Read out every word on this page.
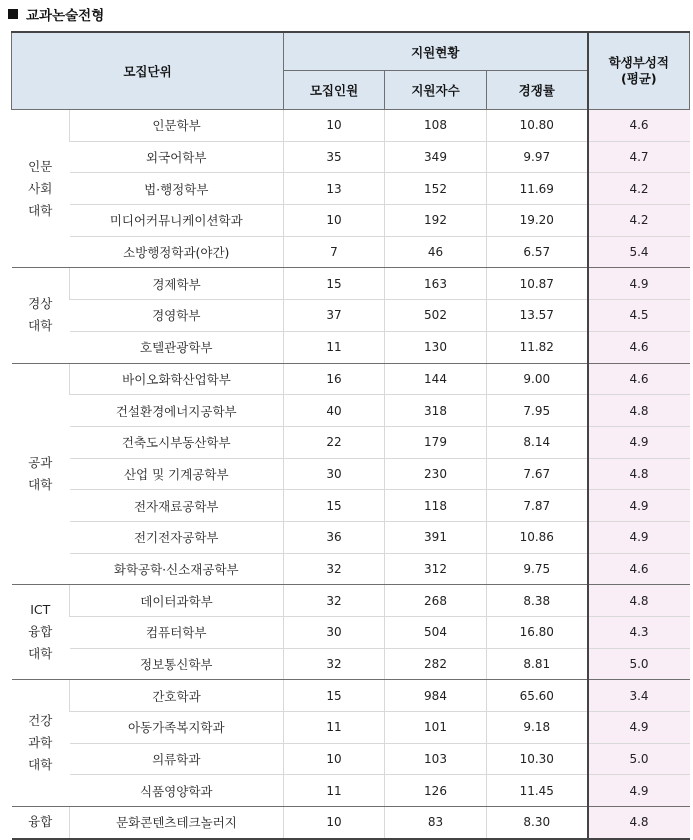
교과논술전형
모집단위		지원현황			학생부성적
(평균)
		모집인원	지원자수	경쟁률	
인문
사회
대학	인문학부	10	108	10.80	4.6
	외국어학부	35	349	9.97	4.7
	법·행정학부	13	152	11.69	4.2
	미디어커뮤니케이션학과	10	192	19.20	4.2
	소방행정학과(야간)	7	46	6.57	5.4
경상
대학	경제학부	15	163	10.87	4.9
	경영학부	37	502	13.57	4.5
	호텔관광학부	11	130	11.82	4.6
공과
대학	바이오화학산업학부	16	144	9.00	4.6
	건설환경에너지공학부	40	318	7.95	4.8
	건축도시부동산학부	22	179	8.14	4.9
	산업 및 기계공학부	30	230	7.67	4.8
	전자재료공학부	15	118	7.87	4.9
	전기전자공학부	36	391	10.86	4.9
	화학공학·신소재공학부	32	312	9.75	4.6
ICT
융합
대학	데이터과학부	32	268	8.38	4.8
	컴퓨터학부	30	504	16.80	4.3
	정보통신학부	32	282	8.81	5.0
건강
과학
대학	간호학과	15	984	65.60	3.4
	아동가족복지학과	11	101	9.18	4.9
	의류학과	10	103	10.30	5.0
	식품영양학과	11	126	11.45	4.9
융합	문화콘텐츠테크놀러지	10	83	8.30	4.8
